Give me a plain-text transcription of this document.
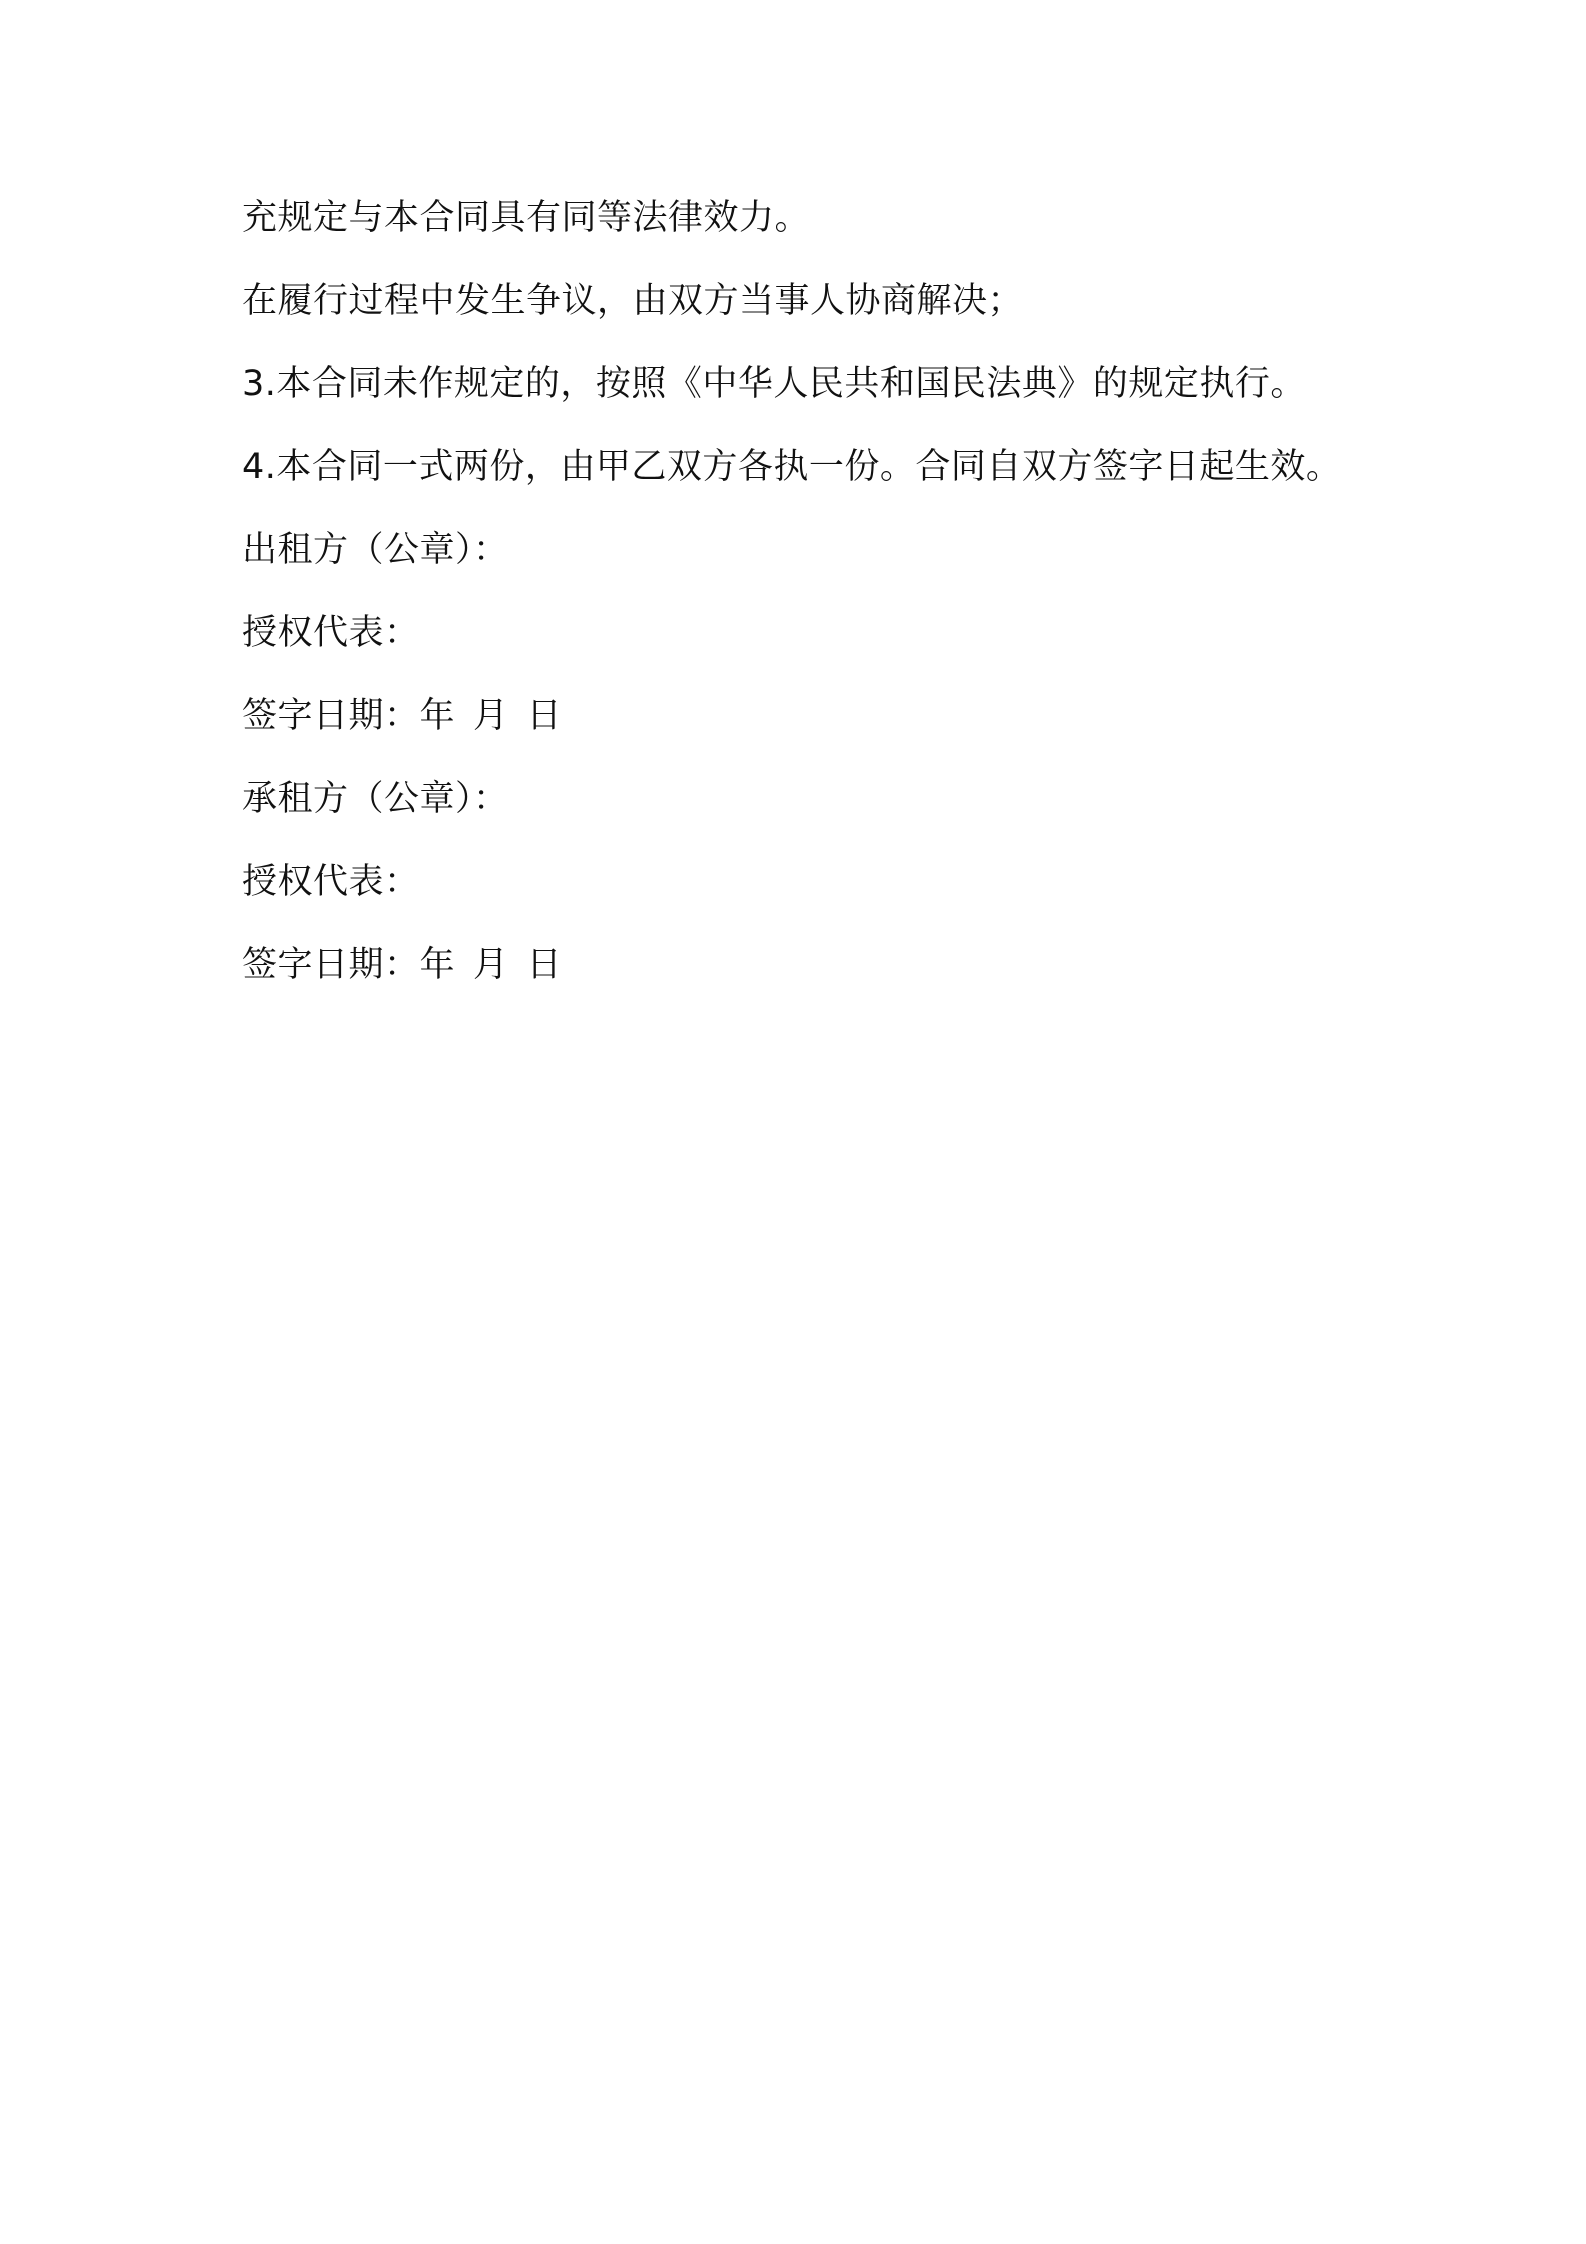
充规定与本合同具有同等法律效力。

在履行过程中发生争议，由双方当事人协商解决；

3.本合同未作规定的，按照《中华人民共和国民法典》的规定执行。

4.本合同一式两份，由甲乙双方各执一份。合同自双方签字日起生效。

出租方（公章）：

授权代表：

签字日期：年 月 日

承租方（公章）：

授权代表：

签字日期：年 月 日
